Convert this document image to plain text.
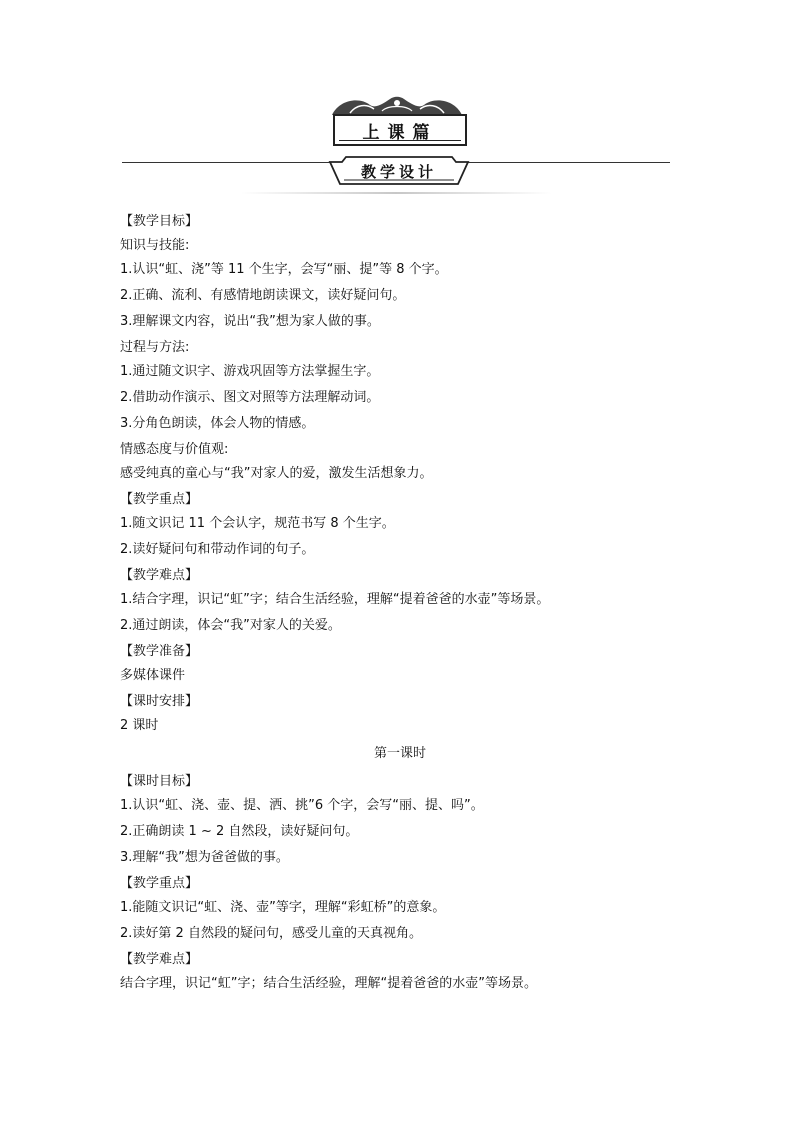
上课篇
教学设计
【教学目标】
知识与技能:
1.认识“虹、浇”等 11 个生字，会写“丽、提”等 8 个字。
2.正确、流利、有感情地朗读课文，读好疑问句。
3.理解课文内容，说出“我”想为家人做的事。
过程与方法:
1.通过随文识字、游戏巩固等方法掌握生字。
2.借助动作演示、图文对照等方法理解动词。
3.分角色朗读，体会人物的情感。
情感态度与价值观:
感受纯真的童心与“我”对家人的爱，激发生活想象力。
【教学重点】
1.随文识记 11 个会认字，规范书写 8 个生字。
2.读好疑问句和带动作词的句子。
【教学难点】
1.结合字理，识记“虹”字；结合生活经验，理解“提着爸爸的水壶”等场景。
2.通过朗读，体会“我”对家人的关爱。
【教学准备】
多媒体课件
【课时安排】
2 课时
第一课时
【课时目标】
1.认识“虹、浇、壶、提、洒、挑”6 个字，会写“丽、提、吗”。
2.正确朗读 1 ~ 2 自然段，读好疑问句。
3.理解“我”想为爸爸做的事。
【教学重点】
1.能随文识记“虹、浇、壶”等字，理解“彩虹桥”的意象。
2.读好第 2 自然段的疑问句，感受儿童的天真视角。
【教学难点】
结合字理，识记“虹”字；结合生活经验，理解“提着爸爸的水壶”等场景。
